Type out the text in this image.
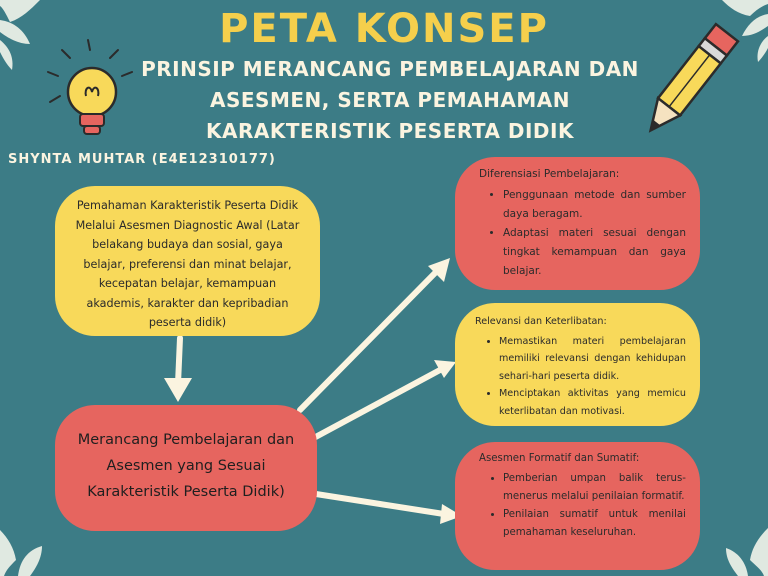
PETA KONSEP
PRINSIP MERANCANG PEMBELAJARAN DAN
ASESMEN, SERTA PEMAHAMAN
KARAKTERISTIK PESERTA DIDIK
SHYNTA MUHTAR (E4E12310177)
Pemahaman Karakteristik Peserta Didik Melalui Asesmen Diagnostic Awal (Latar belakang budaya dan sosial, gaya belajar, preferensi dan minat belajar, kecepatan belajar, kemampuan akademis, karakter dan kepribadian peserta didik)
Merancang Pembelajaran dan Asesmen yang Sesuai Karakteristik Peserta Didik)
Diferensiasi Pembelajaran:
• Penggunaan metode dan sumber daya beragam.
• Adaptasi materi sesuai dengan tingkat kemampuan dan gaya belajar.
Relevansi dan Keterlibatan:
• Memastikan materi pembelajaran memiliki relevansi dengan kehidupan sehari-hari peserta didik.
• Menciptakan aktivitas yang memicu keterlibatan dan motivasi.
Asesmen Formatif dan Sumatif:
• Pemberian umpan balik terus-menerus melalui penilaian formatif.
• Penilaian sumatif untuk menilai pemahaman keseluruhan.
